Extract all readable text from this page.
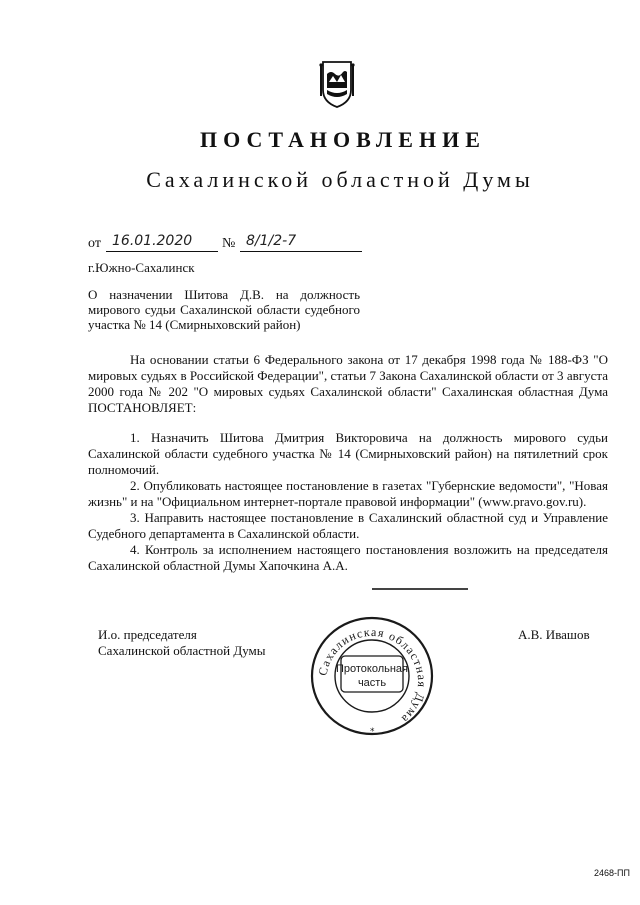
ПОСТАНОВЛЕНИЕ
Сахалинской областной Думы
от 16.01.2020	№ 8/1/2-7
г.Южно-Сахалинск
О назначении Шитова Д.В. на должность
мирового судьи Сахалинской области судебного
участка № 14 (Смирныховский район)

На основании статьи 6 Федерального закона от 17 декабря 1998 года № 188-ФЗ "О мировых судьях в Российской Федерации", статьи 7 Закона Сахалинской области от 3 августа 2000 года № 202 "О мировых судьях Сахалинской области" Сахалинская областная Дума ПОСТАНОВЛЯЕТ:

1. Назначить Шитова Дмитрия Викторовича на должность мирового судьи Сахалинской области судебного участка № 14 (Смирныховский район) на пятилетний срок полномочий.

2. Опубликовать настоящее постановление в газетах "Губернские ведомости", "Новая жизнь" и на "Официальном интернет-портале правовой информации" (www.pravo.gov.ru).

3. Направить настоящее постановление в Сахалинский областной суд и Управление Судебного департамента в Сахалинской области.

4. Контроль за исполнением настоящего постановления возложить на председателя Сахалинской областной Думы Хапочкина А.А.

И.о. председателя
Сахалинской областной Думы
А.В. Ивашов
Сахалинская областная Дума
*
Протокольная
часть
2468-ПП
